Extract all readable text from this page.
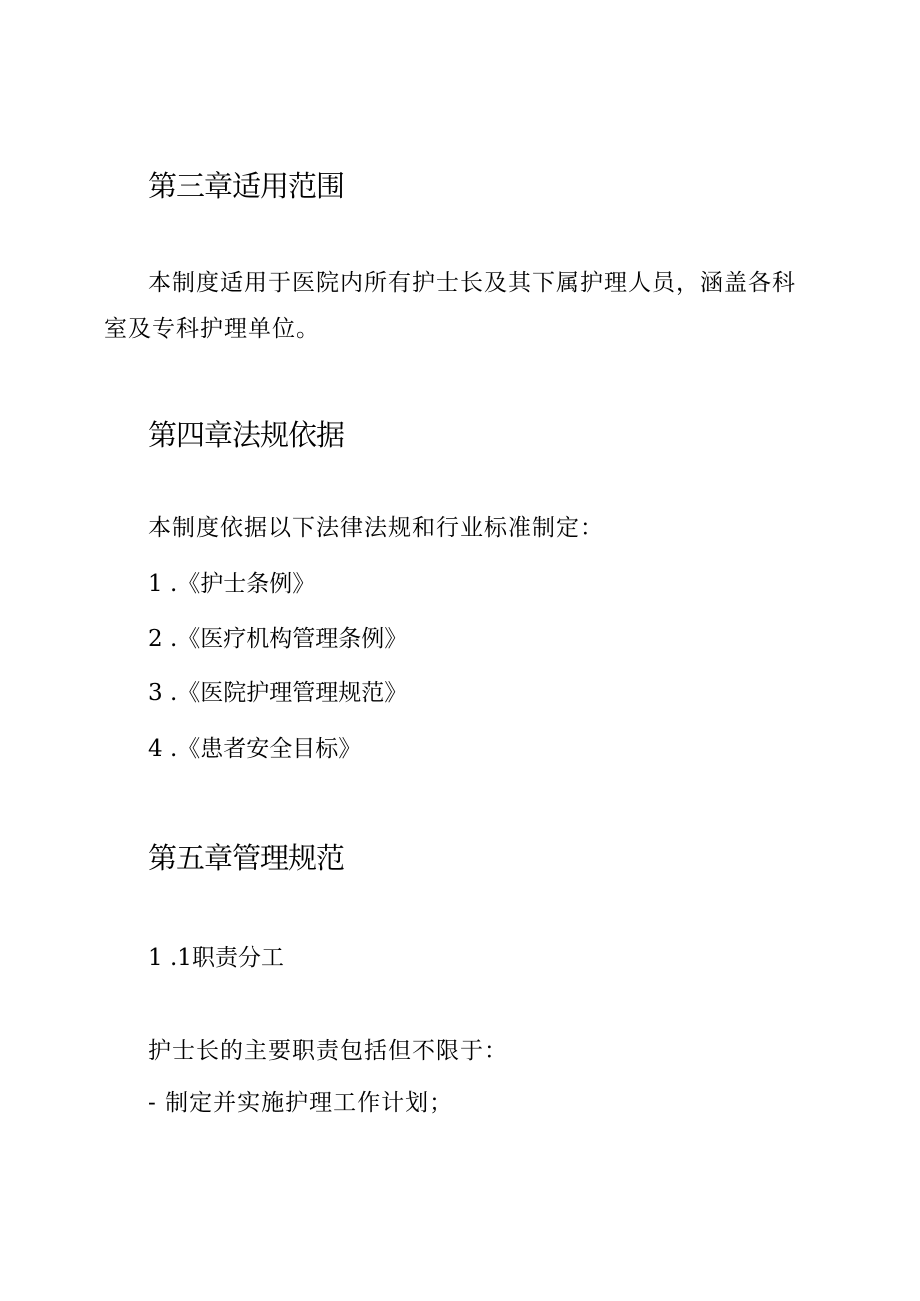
第三章适用范围

本制度适用于医院内所有护士长及其下属护理人员，涵盖各科室及专科护理单位。

第四章法规依据

本制度依据以下法律法规和行业标准制定：

1 .《护士条例》

2 .《医疗机构管理条例》

3 .《医院护理管理规范》

4 .《患者安全目标》

第五章管理规范

1 .1职责分工

护士长的主要职责包括但不限于：

- 制定并实施护理工作计划；
